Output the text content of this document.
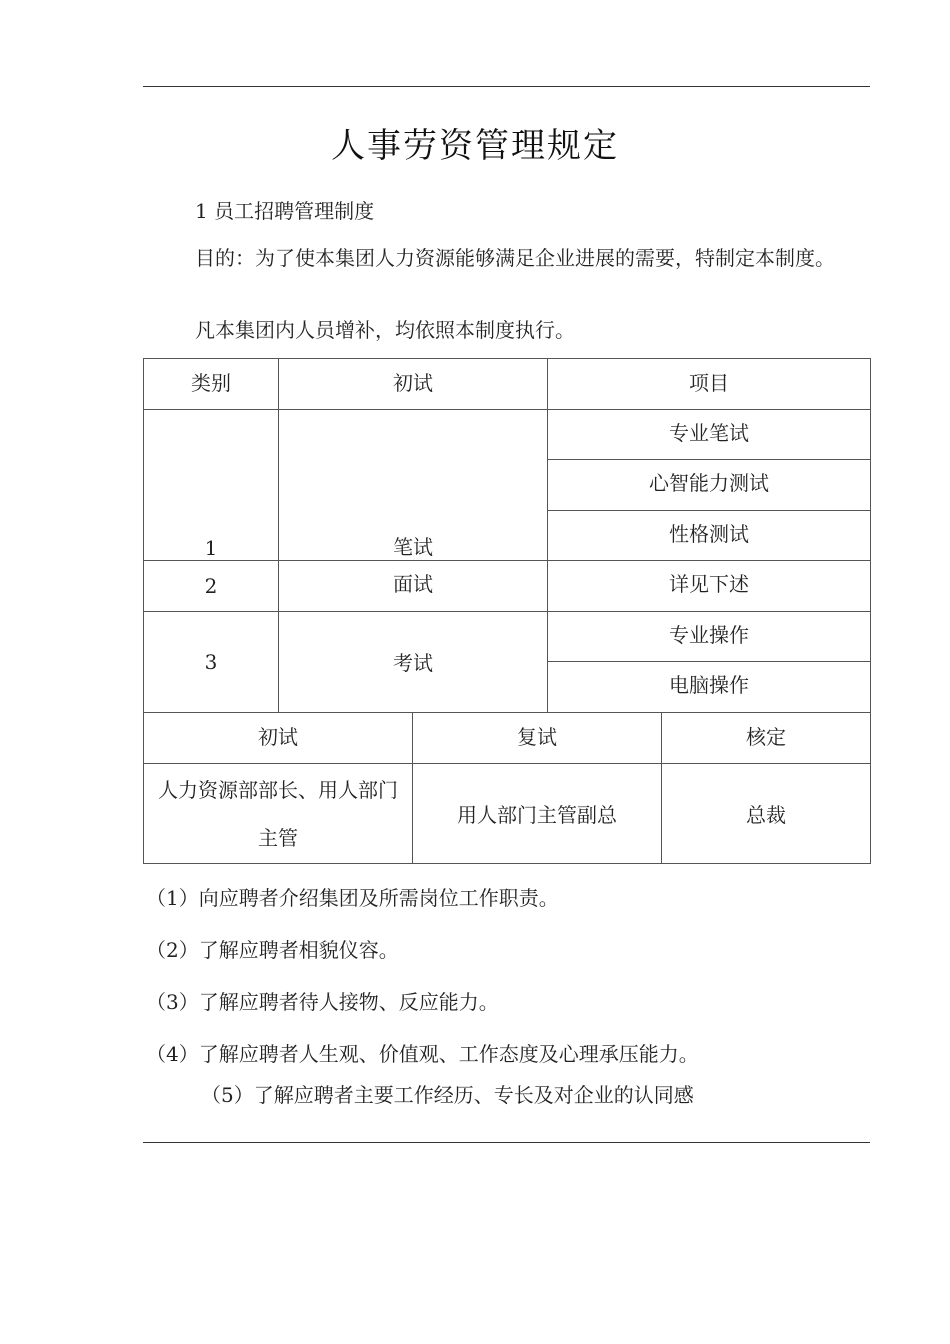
人事劳资管理规定
1 员工招聘管理制度
目的：为了使本集团人力资源能够满足企业进展的需要，特制定本制度。
凡本集团内人员增补，均依照本制度执行。
类别	初试	项目
1	笔试	专业笔试
		心智能力测试
		性格测试
2	面试	详见下述
3	考试	专业操作
		电脑操作
初试	复试	核定
人力资源部部长、用人部门主管	用人部门主管副总	总裁
（1）向应聘者介绍集团及所需岗位工作职责。
（2）了解应聘者相貌仪容。
（3）了解应聘者待人接物、反应能力。
（4）了解应聘者人生观、价值观、工作态度及心理承压能力。
（5）了解应聘者主要工作经历、专长及对企业的认同感
